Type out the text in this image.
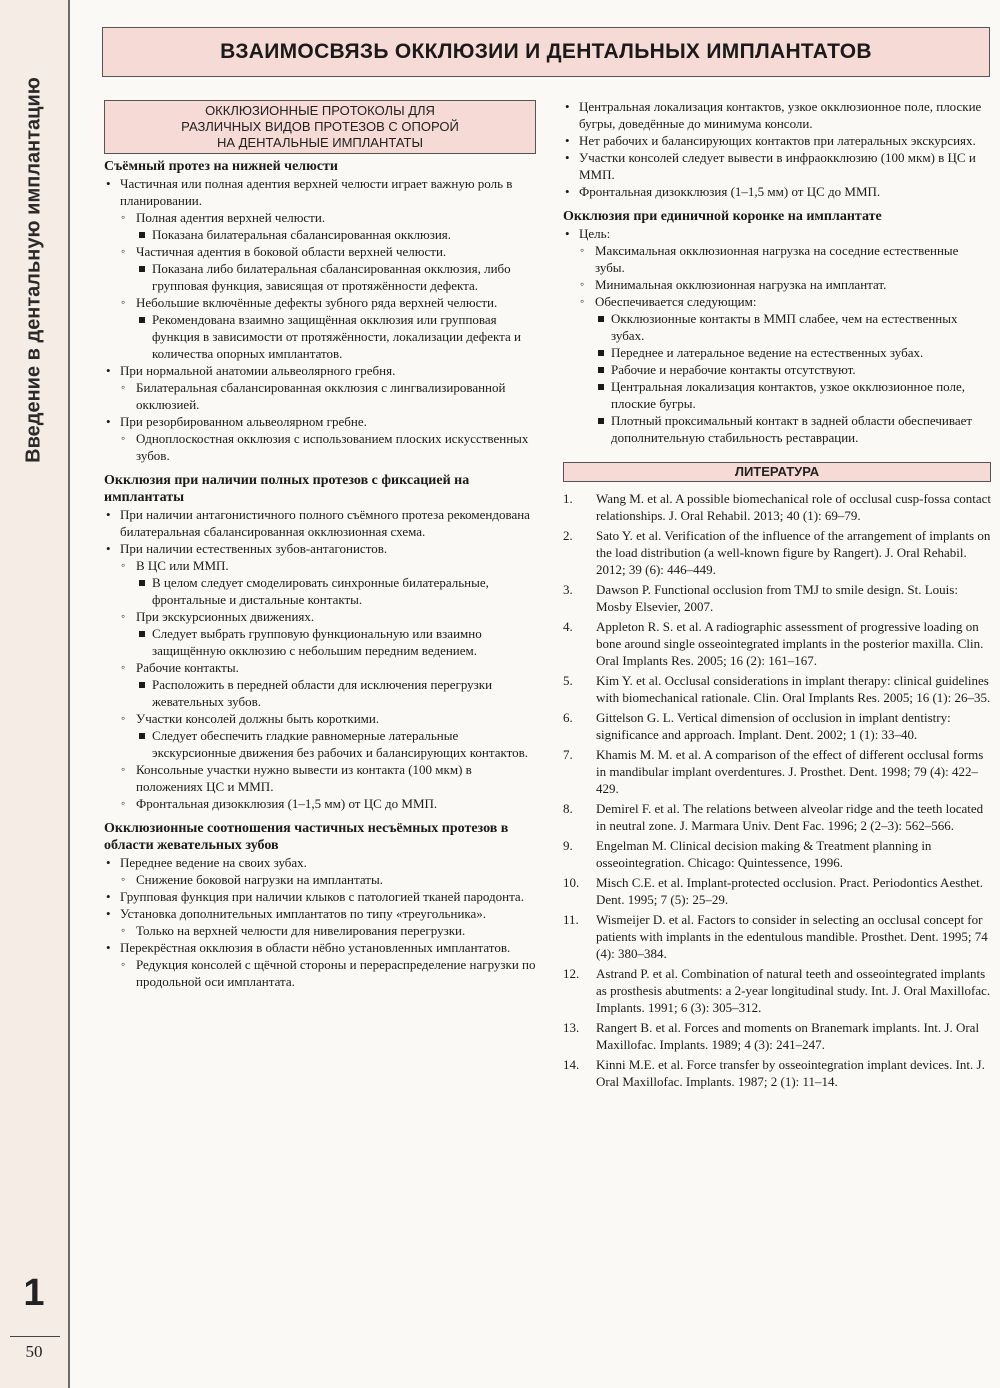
Введение в дентальную имплантацию
1
50
ВЗАИМОСВЯЗЬ ОККЛЮЗИИ И ДЕНТАЛЬНЫХ ИМПЛАНТАТОВ
ОККЛЮЗИОННЫЕ ПРОТОКОЛЫ ДЛЯ
РАЗЛИЧНЫХ ВИДОВ ПРОТЕЗОВ С ОПОРОЙ
НА ДЕНТАЛЬНЫЕ ИМПЛАНТАТЫ
Съёмный протез на нижней челюсти
• Частичная или полная адентия верхней челюсти играет важную роль в планировании.
◦ Полная адентия верхней челюсти.
Показана билатеральная сбалансированная окклюзия.
◦ Частичная адентия в боковой области верхней челюсти.
Показана либо билатеральная сбалансированная окклюзия, либо групповая функция, зависящая от протяжённости дефекта.
◦ Небольшие включённые дефекты зубного ряда верхней челюсти.
Рекомендована взаимно защищённая окклюзия или групповая функция в зависимости от протяжённости, локализации дефекта и количества опорных имплантатов.
• При нормальной анатомии альвеолярного гребня.
◦ Билатеральная сбалансированная окклюзия с лингвализированной окклюзией.
• При резорбированном альвеолярном гребне.
◦ Одноплоскостная окклюзия с использованием плоских искусственных зубов.
Окклюзия при наличии полных протезов с фиксацией на имплантаты
• При наличии антагонистичного полного съёмного протеза рекомендована билатеральная сбалансированная окклюзионная схема.
• При наличии естественных зубов-антагонистов.
◦ В ЦС или ММП.
В целом следует смоделировать синхронные билатеральные, фронтальные и дистальные контакты.
◦ При экскурсионных движениях.
Следует выбрать групповую функциональную или взаимно защищённую окклюзию с небольшим передним ведением.
◦ Рабочие контакты.
Расположить в передней области для исключения перегрузки жевательных зубов.
◦ Участки консолей должны быть короткими.
Следует обеспечить гладкие равномерные латеральные экскурсионные движения без рабочих и балансирующих контактов.
◦ Консольные участки нужно вывести из контакта (100 мкм) в положениях ЦС и ММП.
◦ Фронтальная дизокклюзия (1–1,5 мм) от ЦС до ММП.
Окклюзионные соотношения частичных несъёмных протезов в области жевательных зубов
• Переднее ведение на своих зубах.
◦ Снижение боковой нагрузки на имплантаты.
• Групповая функция при наличии клыков с патологией тканей пародонта.
• Установка дополнительных имплантатов по типу «треугольника».
◦ Только на верхней челюсти для нивелирования перегрузки.
• Перекрёстная окклюзия в области нёбно установленных имплантатов.
◦ Редукция консолей с щёчной стороны и перераспределение нагрузки по продольной оси имплантата.
• Центральная локализация контактов, узкое окклюзионное поле, плоские бугры, доведённые до минимума консоли.
• Нет рабочих и балансирующих контактов при латеральных экскурсиях.
• Участки консолей следует вывести в инфраокклюзию (100 мкм) в ЦС и ММП.
• Фронтальная дизокклюзия (1–1,5 мм) от ЦС до ММП.
Окклюзия при единичной коронке на имплантате
• Цель:
◦ Максимальная окклюзионная нагрузка на соседние естественные зубы.
◦ Минимальная окклюзионная нагрузка на имплантат.
◦ Обеспечивается следующим:
Окклюзионные контакты в ММП слабее, чем на естественных зубах.
Переднее и латеральное ведение на естественных зубах.
Рабочие и нерабочие контакты отсутствуют.
Центральная локализация контактов, узкое окклюзионное поле, плоские бугры.
Плотный проксимальный контакт в задней области обеспечивает дополнительную стабильность реставрации.
ЛИТЕРАТУРА
1. Wang M. et al. A possible biomechanical role of occlusal cusp-fossa contact relationships. J. Oral Rehabil. 2013; 40 (1): 69–79.
2. Sato Y. et al. Verification of the influence of the arrangement of implants on the load distribution (a well-known figure by Rangert). J. Oral Rehabil. 2012; 39 (6): 446–449.
3. Dawson P. Functional occlusion from TMJ to smile design. St. Louis: Mosby Elsevier, 2007.
4. Appleton R. S. et al. A radiographic assessment of progressive loading on bone around single osseointegrated implants in the posterior maxilla. Clin. Oral Implants Res. 2005; 16 (2): 161–167.
5. Kim Y. et al. Occlusal considerations in implant therapy: clinical guidelines with biomechanical rationale. Clin. Oral Implants Res. 2005; 16 (1): 26–35.
6. Gittelson G. L. Vertical dimension of occlusion in implant dentistry: significance and approach. Implant. Dent. 2002; 1 (1): 33–40.
7. Khamis M. M. et al. A comparison of the effect of different occlusal forms in mandibular implant overdentures. J. Prosthet. Dent. 1998; 79 (4): 422–429.
8. Demirel F. et al. The relations between alveolar ridge and the teeth located in neutral zone. J. Marmara Univ. Dent Fac. 1996; 2 (2–3): 562–566.
9. Engelman M. Clinical decision making & Treatment planning in osseointegration. Chicago: Quintessence, 1996.
10. Misch C.E. et al. Implant-protected occlusion. Pract. Periodontics Aesthet. Dent. 1995; 7 (5): 25–29.
11. Wismeijer D. et al. Factors to consider in selecting an occlusal concept for patients with implants in the edentulous mandible. Prosthet. Dent. 1995; 74 (4): 380–384.
12. Astrand P. et al. Combination of natural teeth and osseointegrated implants as prosthesis abutments: a 2-year longitudinal study. Int. J. Oral Maxillofac. Implants. 1991; 6 (3): 305–312.
13. Rangert B. et al. Forces and moments on Branemark implants. Int. J. Oral Maxillofac. Implants. 1989; 4 (3): 241–247.
14. Kinni M.E. et al. Force transfer by osseointegration implant devices. Int. J. Oral Maxillofac. Implants. 1987; 2 (1): 11–14.
